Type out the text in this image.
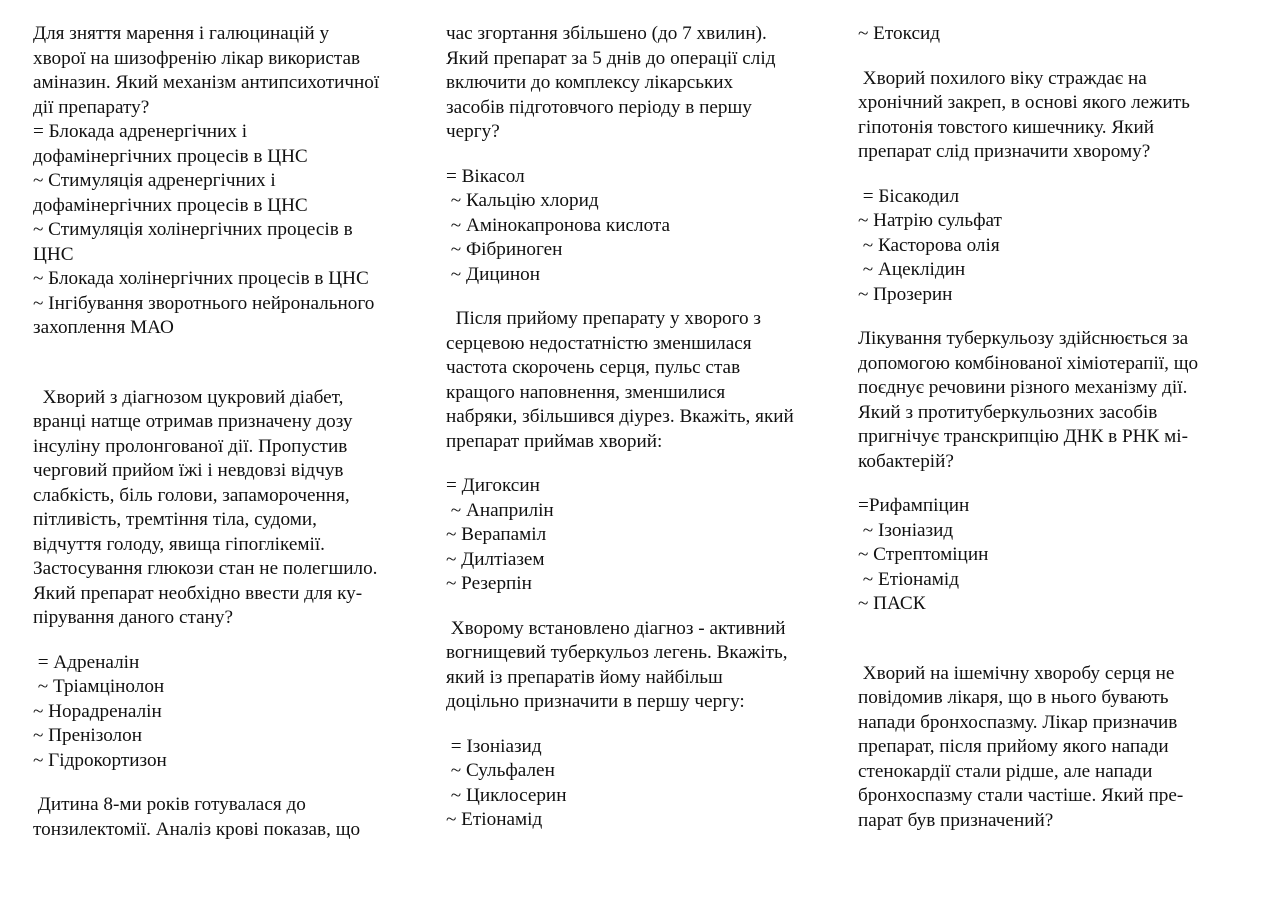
Для зняття марення і галюцинацій у
хворої на шизофренію лікар використав
аміназин. Який механізм антипсихотичної
дії препарату?
= Блокада адренергічних і
дофамінергічних процесів в ЦНС
~ Стимуляція адренергічних і
дофамінергічних процесів в ЦНС
~ Стимуляція холінергічних процесів в
ЦНС
~ Блокада холінергічних процесів в ЦНС
~ Інгібування зворотнього нейронального
захоплення МАО
Хворий з діагнозом цукровий діабет,
вранці натще отримав призначену дозу
інсуліну пролонгованої дії. Пропустив
черговий прийом їжі і невдовзі відчув
слабкість, біль голови, запаморочення,
пітливість, тремтіння тіла, судоми,
відчуття голоду, явища гіпоглікемії.
Застосування глюкози стан не полегшило.
Який препарат необхідно ввести для ку-
пірування даного стану?
= Адреналін
~ Тріамцінолон
~ Норадреналін
~ Пренізолон
~ Гідрокортизон
Дитина 8-ми років готувалася до
тонзилектомії. Аналіз крові показав, що
час згортання збільшено (до 7 хвилин).
Який препарат за 5 днів до операції слід
включити до комплексу лікарських
засобів підготовчого періоду в першу
чергу?
= Вікасол
~ Кальцію хлорид
~ Амінокапронова кислота
~ Фібриноген
~ Дицинон
Після прийому препарату у хворого з
серцевою недостатністю зменшилася
частота скорочень серця, пульс став
кращого наповнення, зменшилися
набряки, збільшився діурез. Вкажіть, який
препарат приймав хворий:
= Дигоксин
~ Анаприлін
~ Верапаміл
~ Дилтіазем
~ Резерпін
Хворому встановлено діагноз - активний
вогнищевий туберкульоз легень. Вкажіть,
який із препаратів йому найбільш
доцільно призначити в першу чергу:
= Ізоніазид
~ Сульфален
~ Циклосерин
~ Етіонамід
~ Етоксид
Хворий похилого віку страждає на
хронічний закреп, в основі якого лежить
гіпотонія товстого кишечнику. Який
препарат слід призначити хворому?
= Бісакодил
~ Натрію сульфат
~ Касторова олія
~ Ацеклідин
~ Прозерин
Лікування туберкульозу здійснюється за
допомогою комбінованої хіміотерапії, що
поєднує речовини різного механізму дії.
Який з протитуберкульозних засобів
пригнічує транскрипцію ДНК в РНК мі-
кобактерій?
=Рифампіцин
~ Ізоніазид
~ Стрептоміцин
~ Етіонамід
~ ПАСК
Хворий на ішемічну хворобу серця не
повідомив лікаря, що в нього бувають
напади бронхоспазму. Лікар призначив
препарат, після прийому якого напади
стенокардії стали рідше, але напади
бронхоспазму стали частіше. Який пре-
парат був призначений?
